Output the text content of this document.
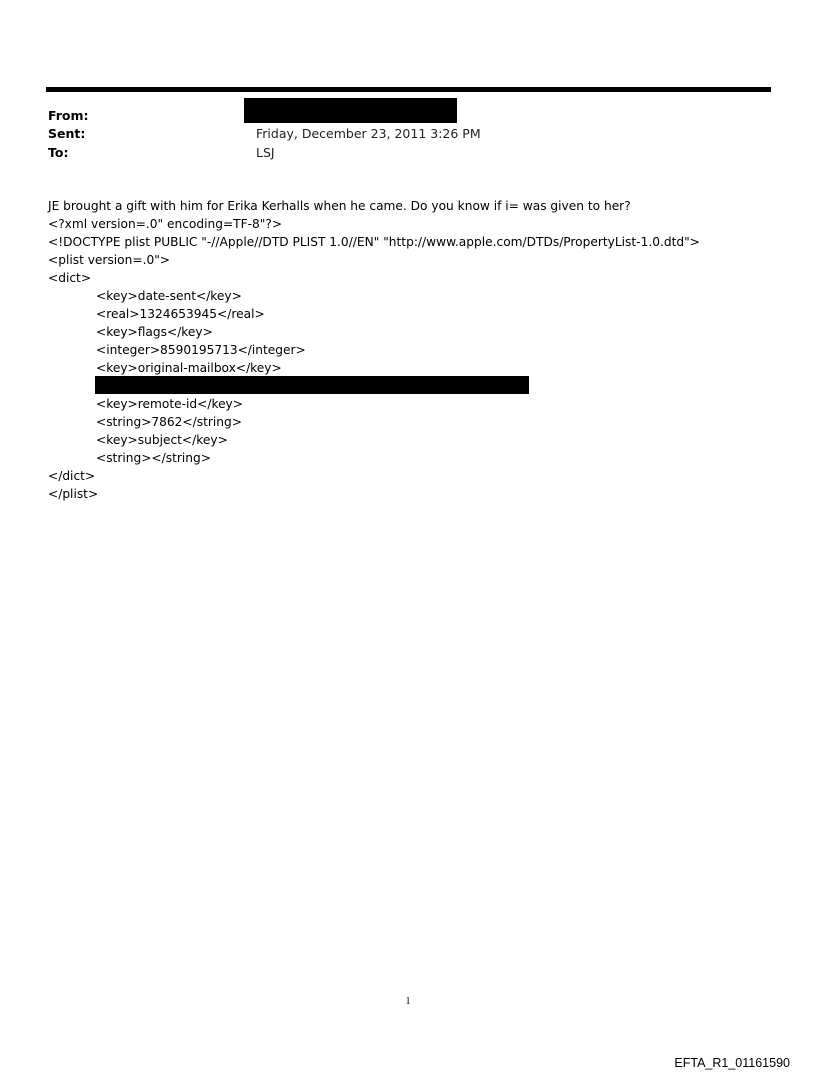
From:
Sent:	Friday, December 23, 2011 3:26 PM
To:	LSJ
JE brought a gift with him for Erika Kerhalls when he came. Do you know if i= was given to her?
<?xml version=.0" encoding=TF-8"?>
<!DOCTYPE plist PUBLIC "-//Apple//DTD PLIST 1.0//EN" "http://www.apple.com/DTDs/PropertyList-1.0.dtd">
<plist version=.0">
<dict>
<key>date-sent</key>
<real>1324653945</real>
<key>flags</key>
<integer>8590195713</integer>
<key>original-mailbox</key>
<key>remote-id</key>
<string>7862</string>
<key>subject</key>
<string></string>
</dict>
</plist>
1
EFTA_R1_01161590
